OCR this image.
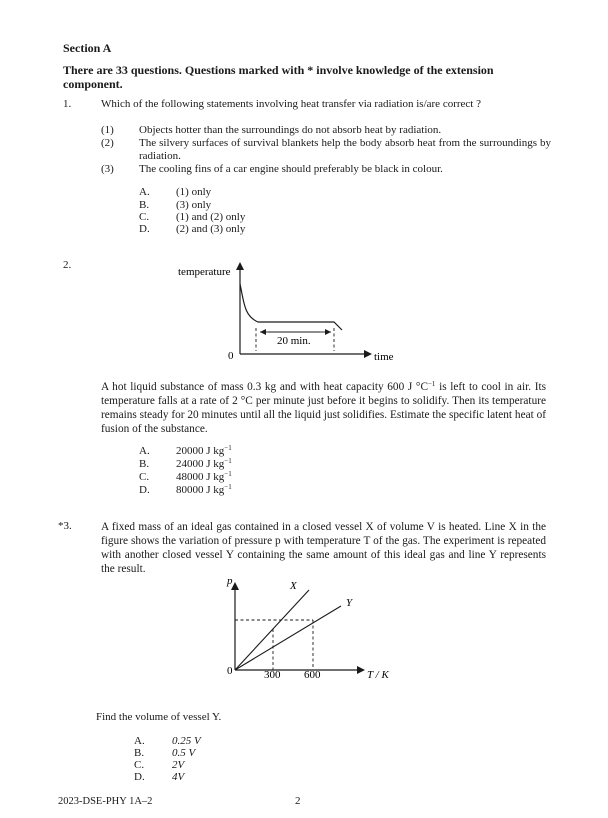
Section A
There are 33 questions. Questions marked with * involve knowledge of the extension component.
1.	Which of the following statements involving heat transfer via radiation is/are correct ?
(1) Objects hotter than the surroundings do not absorb heat by radiation.
(2) The silvery surfaces of survival blankets help the body absorb heat from the surroundings by radiation.
(3) The cooling fins of a car engine should preferably be black in colour.
A. (1) only
B. (3) only
C. (1) and (2) only
D. (2) and (3) only
2.
temperature
0	time
20 min.
A hot liquid substance of mass 0.3 kg and with heat capacity 600 J $^\circ C^{-1}$ is left to cool in air. Its temperature falls at a rate of 2 °C per minute just before it begins to solidify. Then its temperature remains steady for 20 minutes until all the liquid just solidifies. Estimate the specific latent heat of fusion of the substance.
A. 20000 J $kg^{-1}$
B. 24000 J $kg^{-1}$
C. 48000 J $kg^{-1}$
D. 80000 J $kg^{-1}$
*3.	A fixed mass of an ideal gas contained in a closed vessel X of volume V is heated. Line X in the figure shows the variation of pressure p with temperature T of the gas. The experiment is repeated with another closed vessel Y containing the same amount of this ideal gas and line Y represents the result.
p
0
X
Y
300 600	T / K
Find the volume of vessel Y.
A. 0.25 V
B.	0.5 V
C.	2V
D. 4V
2023-DSE-PHY 1A–2	2
